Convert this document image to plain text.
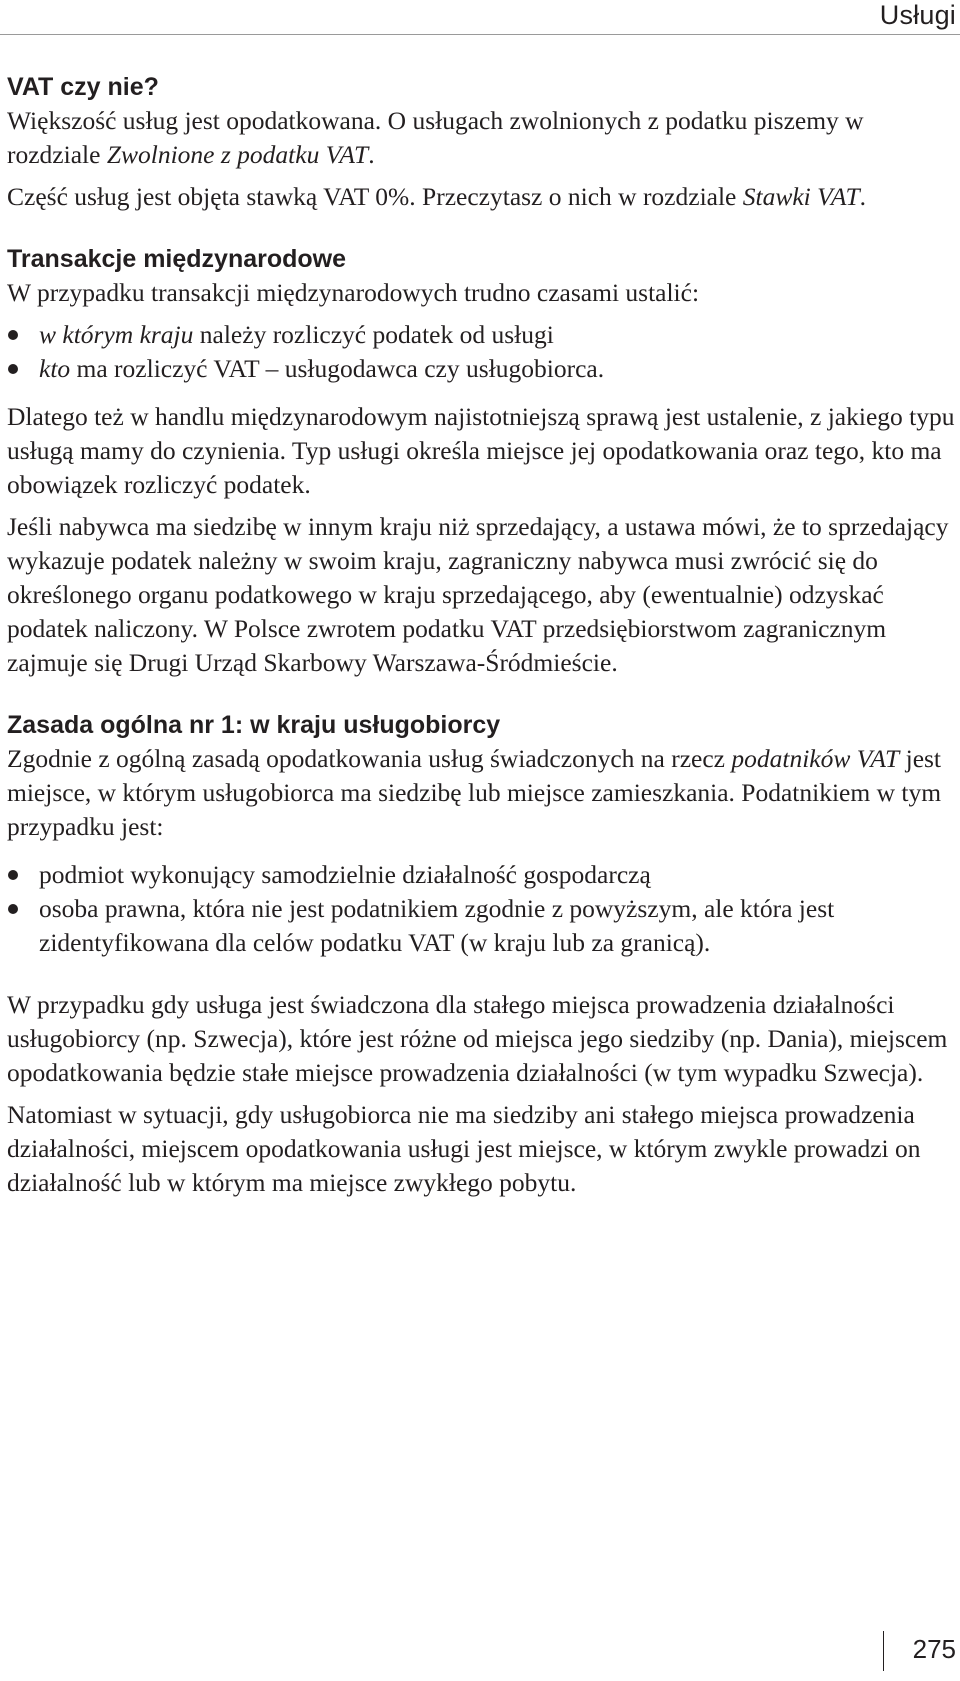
Usługi
VAT czy nie?

Większość usług jest opodatkowana. O usługach zwolnionych z podatku piszemy w rozdziale Zwolnione z podatku VAT.

Część usług jest objęta stawką VAT 0%. Przeczytasz o nich w rozdziale Stawki VAT.

Transakcje międzynarodowe

W przypadku transakcji międzynarodowych trudno czasami ustalić:

w którym kraju należy rozliczyć podatek od usługi
kto ma rozliczyć VAT – usługodawca czy usługobiorca.

Dlatego też w handlu międzynarodowym najistotniejszą sprawą jest ustalenie, z jakiego typu usługą mamy do czynienia. Typ usługi określa miejsce jej opodatkowania oraz tego, kto ma obowiązek rozliczyć podatek.

Jeśli nabywca ma siedzibę w innym kraju niż sprzedający, a ustawa mówi, że to sprzedający wykazuje podatek należny w swoim kraju, zagraniczny nabywca musi zwrócić się do określonego organu podatkowego w kraju sprzedającego, aby (ewentualnie) odzyskać podatek naliczony. W Polsce zwrotem podatku VAT przedsiębiorstwom zagranicznym zajmuje się Drugi Urząd Skarbowy Warszawa-Śródmieście.

Zasada ogólna nr 1: w kraju usługobiorcy

Zgodnie z ogólną zasadą opodatkowania usług świadczonych na rzecz podatników VAT jest miejsce, w którym usługobiorca ma siedzibę lub miejsce zamieszkania. Podatnikiem w tym przypadku jest:

podmiot wykonujący samodzielnie działalność gospodarczą
osoba prawna, która nie jest podatnikiem zgodnie z powyższym, ale która jest zidentyfikowana dla celów podatku VAT (w kraju lub za granicą).

W przypadku gdy usługa jest świadczona dla stałego miejsca prowadzenia działalności usługobiorcy (np. Szwecja), które jest różne od miejsca jego siedziby (np. Dania), miejscem opodatkowania będzie stałe miejsce prowadzenia działalności (w tym wypadku Szwecja).

Natomiast w sytuacji, gdy usługobiorca nie ma siedziby ani stałego miejsca prowadzenia działalności, miejscem opodatkowania usługi jest miejsce, w którym zwykle prowadzi on działalność lub w którym ma miejsce zwykłego pobytu.

275
